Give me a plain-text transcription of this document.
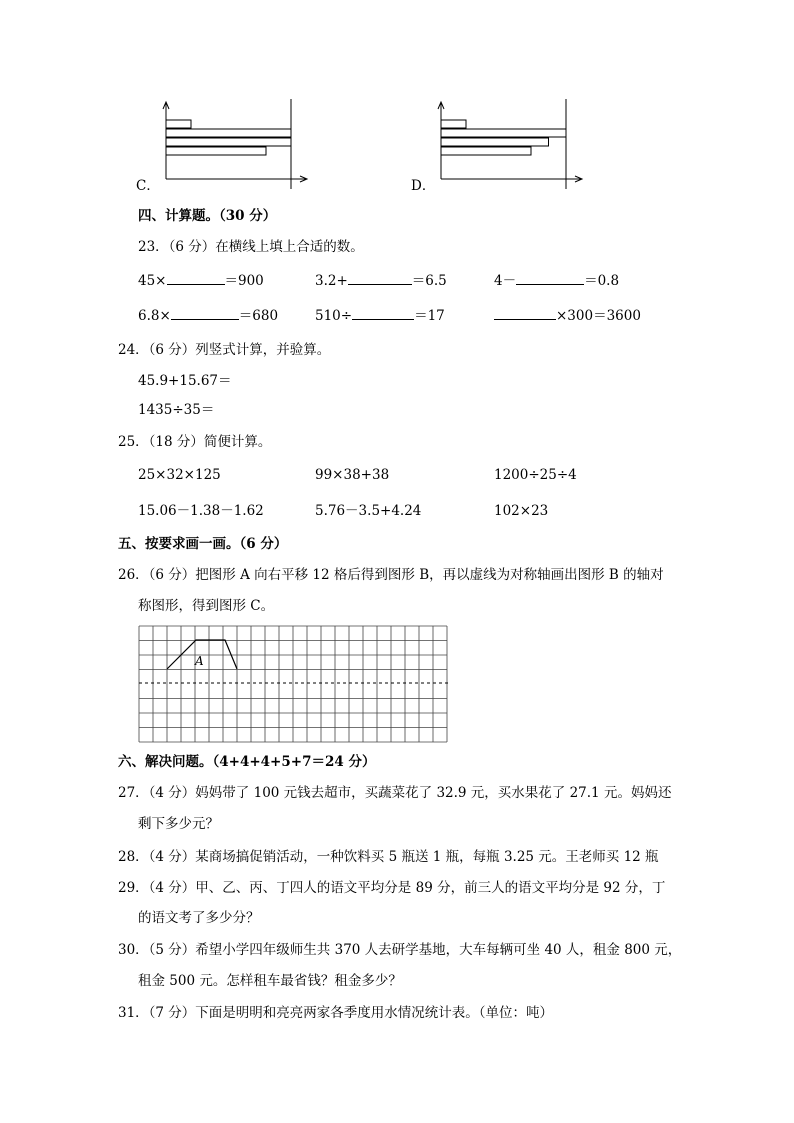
C．	D．
四、计算题。（30 分）
23．（6 分）在横线上填上合适的数。
45×	＝900	3.2+	＝6.5	4－	＝0.8
6.8×	＝680	510÷	＝17	×300＝3600
24．（6 分）列竖式计算，并验算。
45.9+15.67＝
1435÷35＝
25．（18 分）简便计算。
25×32×125	99×38+38	1200÷25÷4
15.06－1.38－1.62	5.76－3.5+4.24	102×23
五、按要求画一画。（6 分）
26．（6 分）把图形 A 向右平移 12 格后得到图形 B，再以虚线为对称轴画出图形 B 的轴对
称图形，得到图形 C。
A
六、解决问题。（4+4+4+5+7＝24 分）
27．（4 分）妈妈带了 100 元钱去超市，买蔬菜花了 32.9 元，买水果花了 27.1 元。妈妈还
剩下多少元？
28．（4 分）某商场搞促销活动，一种饮料买 5 瓶送 1 瓶，每瓶 3.25 元。王老师买 12 瓶
29．（4 分）甲、乙、丙、丁四人的语文平均分是 89 分，前三人的语文平均分是 92 分，丁
的语文考了多少分？
30．（5 分）希望小学四年级师生共 370 人去研学基地，大车每辆可坐 40 人，租金 800 元，
租金 500 元。怎样租车最省钱？租金多少？
31．（7 分）下面是明明和亮亮两家各季度用水情况统计表。（单位：吨）
